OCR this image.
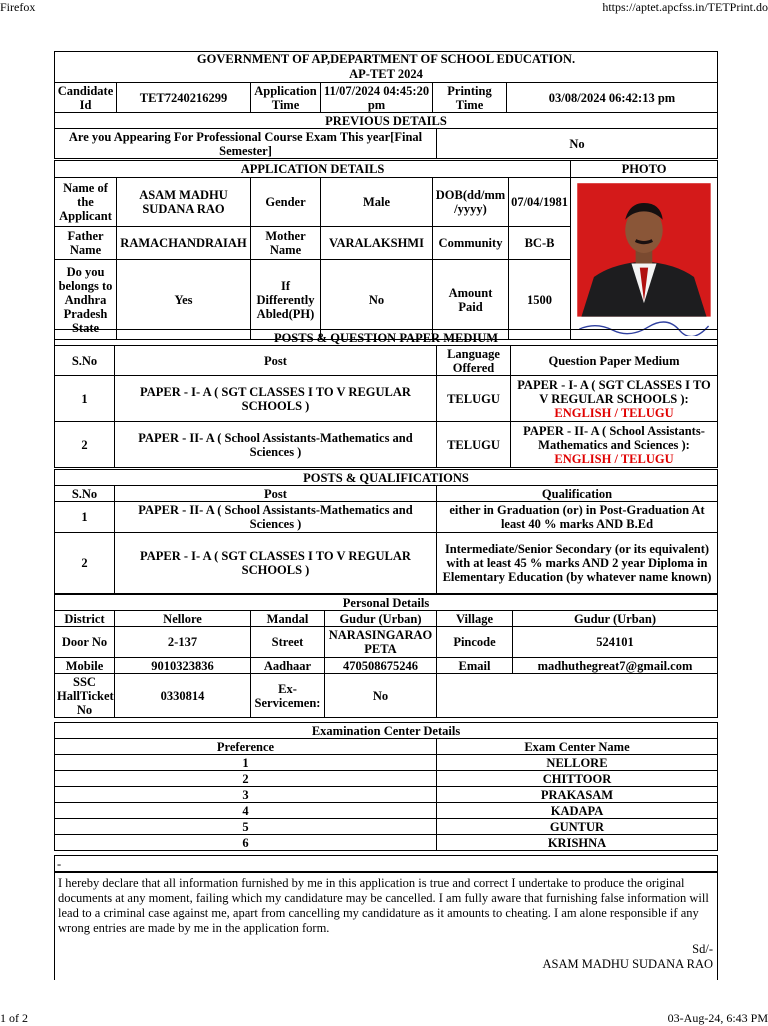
Firefox	https://aptet.apcfss.in/TETPrint.do
GOVERNMENT OF AP,DEPARTMENT OF SCHOOL EDUCATION.
AP-TET 2024

Candidate Id	TET7240216299	Application Time	11/07/2024 04:45:20 pm	Printing Time	03/08/2024 06:42:13 pm
PREVIOUS DETAILS
Are you Appearing For Professional Course Exam This year[Final Semester]	No
APPLICATION DETAILS						PHOTO
Name of the Applicant	ASAM MADHU SUDANA RAO	Gender	Male	DOB(dd/mm /yyyy)	07/04/1981	
Father Name	RAMACHANDRAIAH	Mother Name	VARALAKSHMI	Community	BC-B	
Do you belongs to Andhra Pradesh State	Yes	If Differently Abled(PH)	No	Amount Paid	1500	
POSTS & QUESTION PAPER MEDIUM			
S.No	Post	Language Offered	Question Paper Medium
1	PAPER - I- A ( SGT CLASSES I TO V REGULAR SCHOOLS )	TELUGU	PAPER - I- A ( SGT CLASSES I TO V REGULAR SCHOOLS ):
ENGLISH / TELUGU

2	PAPER - II- A ( School Assistants-Mathematics and Sciences )	TELUGU	PAPER - II- A ( School Assistants-Mathematics and Sciences ):
ENGLISH / TELUGU
POSTS & QUALIFICATIONS		
S.No	Post	Qualification
1	PAPER - II- A ( School Assistants-Mathematics and Sciences )	either in Graduation (or) in Post-Graduation At least 40 % marks AND B.Ed
2	PAPER - I- A ( SGT CLASSES I TO V REGULAR SCHOOLS )	Intermediate/Senior Secondary (or its equivalent) with at least 45 % marks AND 2 year Diploma in Elementary Education (by whatever name known)
Personal Details					
District	Nellore	Mandal	Gudur (Urban)	Village	Gudur (Urban)
Door No	2-137	Street	NARASINGARAO PETA	Pincode	524101
Mobile	9010323836	Aadhaar	470508675246	Email	madhuthegreat7@gmail.com
SSC HallTicket No	0330814	Ex-Servicemen:	No		
Examination Center Details	
Preference	Exam Center Name
1	NELLORE
2	CHITTOOR
3	PRAKASAM
4	KADAPA
5	GUNTUR
6	KRISHNA
-

I hereby declare that all information furnished by me in this application is true and correct I undertake to produce the original documents at any moment, failing which my candidature may be cancelled. I am fully aware that furnishing false information will lead to a criminal case against me, apart from cancelling my candidature as it amounts to cheating. I am alone responsible if any wrong entries are made by me in the application form.

Sd/-
ASAM MADHU SUDANA RAO
1 of 2	03-Aug-24, 6:43 PM
